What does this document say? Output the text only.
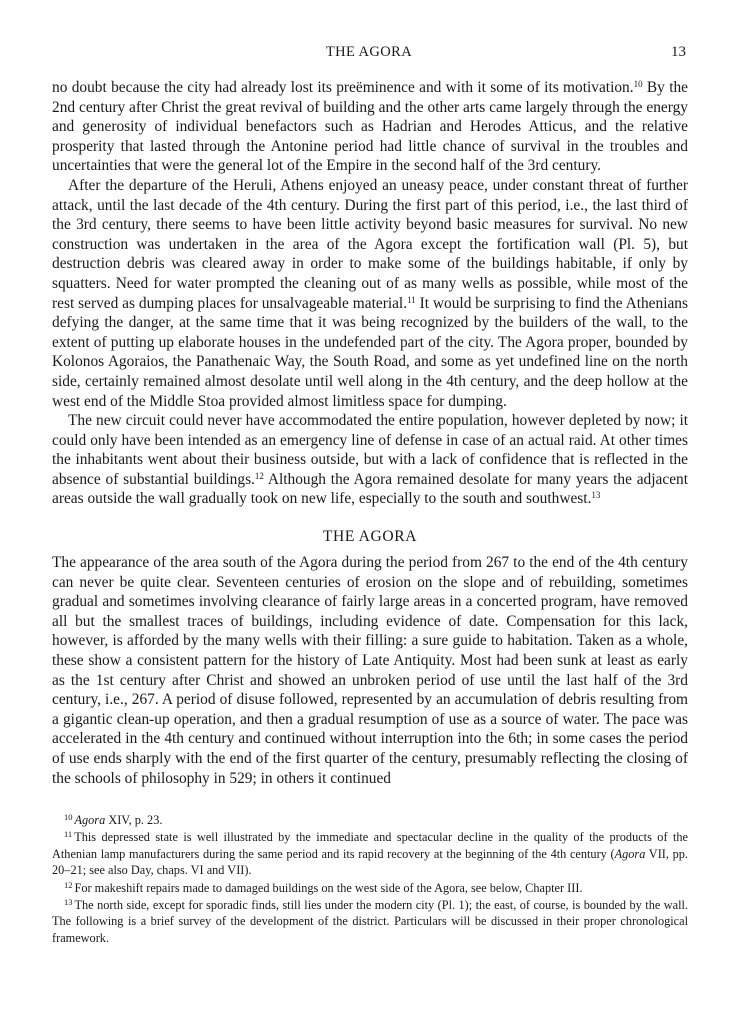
THE AGORA	13

no doubt because the city had already lost its preëminence and with it some of its motivation.$^{10}$ By the 2nd century after Christ the great revival of building and the other arts came largely through the energy and generosity of individual benefactors such as Hadrian and Herodes Atticus, and the relative prosperity that lasted through the Antonine period had little chance of survival in the troubles and uncertainties that were the general lot of the Empire in the second half of the 3rd century.

After the departure of the Heruli, Athens enjoyed an uneasy peace, under constant threat of further attack, until the last decade of the 4th century. During the first part of this period, i.e., the last third of the 3rd century, there seems to have been little activity beyond basic measures for survival. No new construction was undertaken in the area of the Agora except the fortification wall (Pl. 5), but destruction debris was cleared away in order to make some of the buildings habitable, if only by squatters. Need for water prompted the cleaning out of as many wells as possible, while most of the rest served as dumping places for unsalvageable material.$^{11}$ It would be surprising to find the Athenians defying the danger, at the same time that it was being recognized by the builders of the wall, to the extent of putting up elaborate houses in the undefended part of the city. The Agora proper, bounded by Kolonos Agoraios, the Panathenaic Way, the South Road, and some as yet undefined line on the north side, certainly remained almost desolate until well along in the 4th century, and the deep hollow at the west end of the Middle Stoa provided almost limitless space for dumping.

The new circuit could never have accommodated the entire population, however depleted by now; it could only have been intended as an emergency line of defense in case of an actual raid. At other times the inhabitants went about their business outside, but with a lack of confidence that is reflected in the absence of substantial buildings.$^{12}$ Although the Agora remained desolate for many years the adjacent areas outside the wall gradually took on new life, especially to the south and southwest.$^{13}$

THE AGORA

The appearance of the area south of the Agora during the period from 267 to the end of the 4th century can never be quite clear. Seventeen centuries of erosion on the slope and of rebuilding, sometimes gradual and sometimes involving clearance of fairly large areas in a concerted program, have removed all but the smallest traces of buildings, including evidence of date. Compensation for this lack, however, is afforded by the many wells with their filling: a sure guide to habitation. Taken as a whole, these show a consistent pattern for the history of Late Antiquity. Most had been sunk at least as early as the 1st century after Christ and showed an unbroken period of use until the last half of the 3rd century, i.e., 267. A period of disuse followed, represented by an accumulation of debris resulting from a gigantic clean-up operation, and then a gradual resumption of use as a source of water. The pace was accelerated in the 4th century and continued without interruption into the 6th; in some cases the period of use ends sharply with the end of the first quarter of the century, presumably reflecting the closing of the schools of philosophy in 529; in others it continued

$^{10}$ Agora XIV, p. 23.

$^{11}$ This depressed state is well illustrated by the immediate and spectacular decline in the quality of the products of the Athenian lamp manufacturers during the same period and its rapid recovery at the beginning of the 4th century (Agora VII, pp. 20–21; see also Day, chaps. VI and VII).

$^{12}$ For makeshift repairs made to damaged buildings on the west side of the Agora, see below, Chapter III.

$^{13}$ The north side, except for sporadic finds, still lies under the modern city (Pl. 1); the east, of course, is bounded by the wall. The following is a brief survey of the development of the district. Particulars will be discussed in their proper chronological framework.
